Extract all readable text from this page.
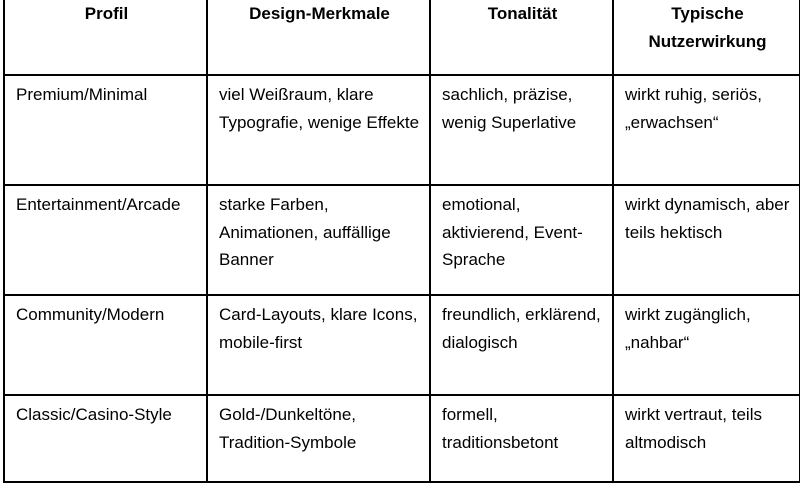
Profil	Design-Merkmale	Tonalität	Typische Nutzerwirkung

Premium/Minimal	viel Weißraum, klare Typografie, wenige Effekte	sachlich, präzise, wenig Superlative	wirkt ruhig, seriös, „erwachsen“

Entertainment/Arcade	starke Farben, Animationen, auffällige Banner	emotional, aktivierend, Event-Sprache	wirkt dynamisch, aber teils hektisch

Community/Modern	Card-Layouts, klare Icons, mobile-first	freundlich, erklärend, dialogisch	wirkt zugänglich, „nahbar“

Classic/Casino-Style	Gold-/Dunkeltöne, Tradition-Symbole	formell, traditionsbetont	wirkt vertraut, teils altmodisch
